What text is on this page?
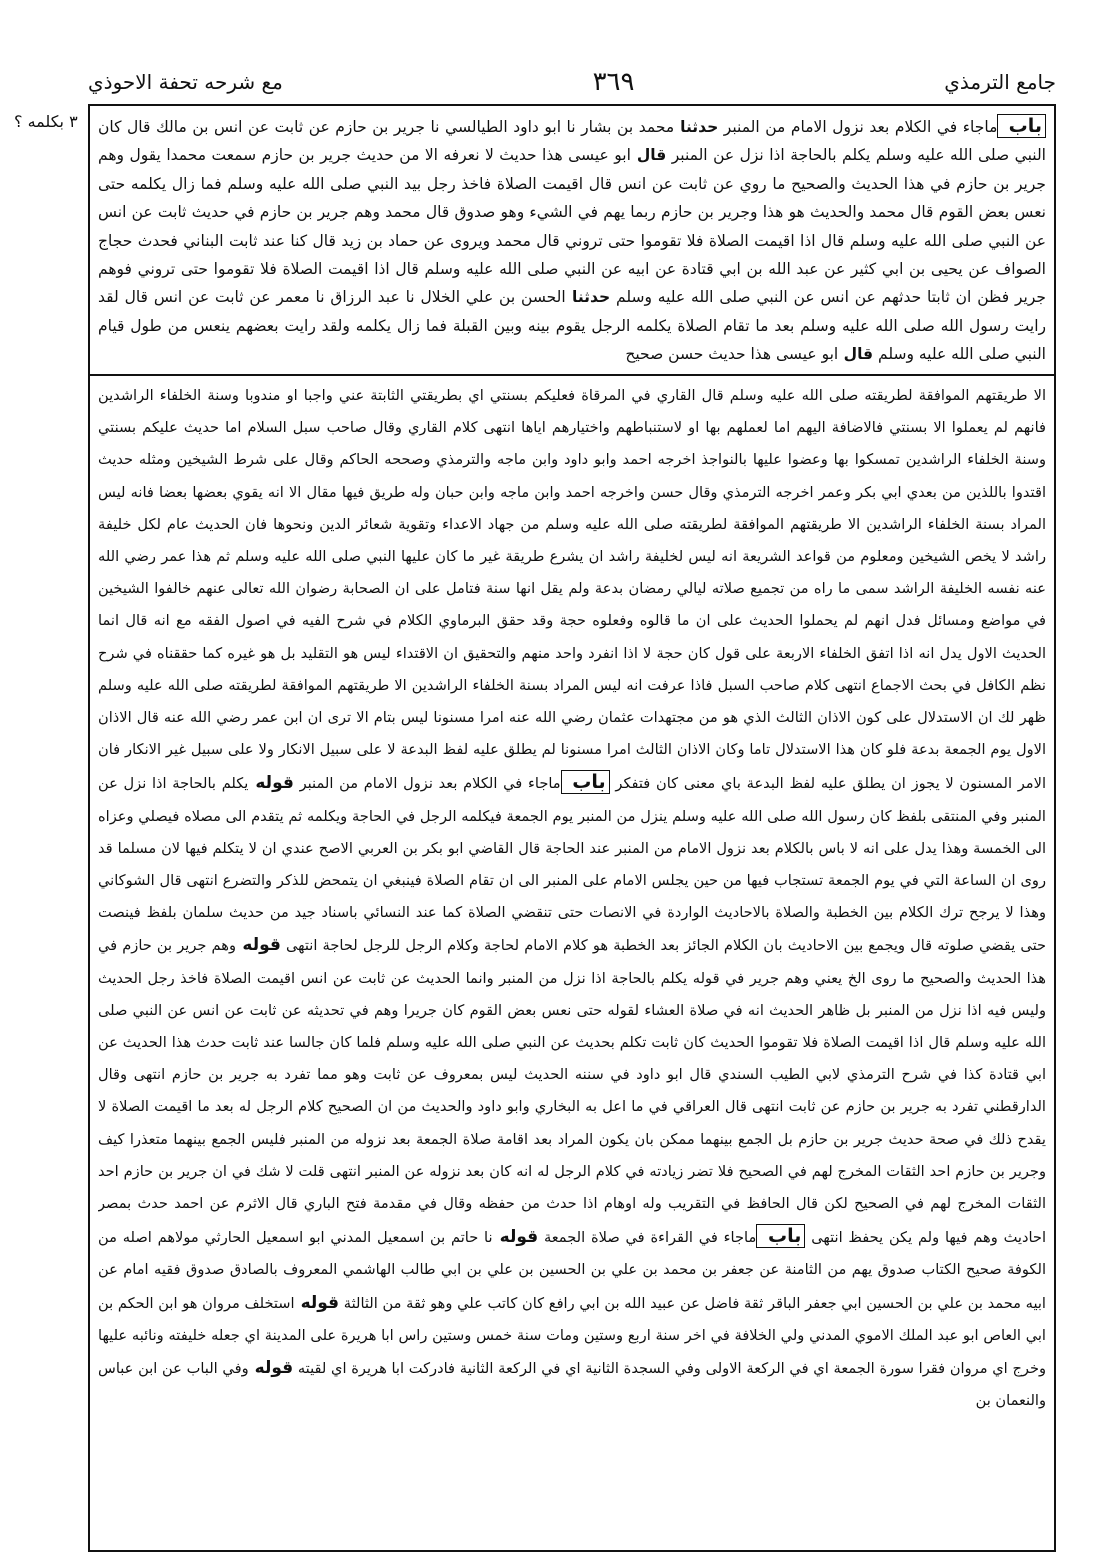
جامع الترمذي
٣٦٩
مع شرحه تحفة الاحوذي
٣ بكلمه ؟	باب ماجاء في الكلام بعد نزول الامام من المنبر حدثنا محمد بن بشار نا ابو داود الطيالسي نا جرير بن حازم عن ثابت عن انس بن مالك قال كان النبي صلى الله عليه وسلم يكلم بالحاجة اذا نزل عن المنبر قال ابو عيسى هذا حديث لا نعرفه الا من حديث جرير بن حازم سمعت محمدا يقول وهم جرير بن حازم في هذا الحديث والصحيح ما روي عن ثابت عن انس قال اقيمت الصلاة فاخذ رجل بيد النبي صلى الله عليه وسلم فما زال يكلمه حتى نعس بعض القوم قال محمد والحديث هو هذا وجرير بن حازم ربما يهم في الشيء وهو صدوق قال محمد وهم جرير بن حازم في حديث ثابت عن انس عن النبي صلى الله عليه وسلم قال اذا اقيمت الصلاة فلا تقوموا حتى تروني قال محمد ويروى عن حماد بن زيد قال كنا عند ثابت البناني فحدث حجاج الصواف عن يحيى بن ابي كثير عن عبد الله بن ابي قتادة عن ابيه عن النبي صلى الله عليه وسلم قال اذا اقيمت الصلاة فلا تقوموا حتى تروني فوهم جرير فظن ان ثابتا حدثهم عن انس عن النبي صلى الله عليه وسلم حدثنا الحسن بن علي الخلال نا عبد الرزاق نا معمر عن ثابت عن انس قال لقد رايت رسول الله صلى الله عليه وسلم بعد ما تقام الصلاة يكلمه الرجل يقوم بينه وبين القبلة فما زال يكلمه ولقد رايت بعضهم ينعس من طول قيام النبي صلى الله عليه وسلم قال ابو عيسى هذا حديث حسن صحيح
الا طريقتهم الموافقة لطريقته صلى الله عليه وسلم قال القاري في المرقاة فعليكم بسنتي اي بطريقتي الثابتة عني واجبا او مندوبا وسنة الخلفاء الراشدين فانهم لم يعملوا الا بسنتي فالاضافة اليهم اما لعملهم بها او لاستنباطهم واختيارهم اياها انتهى كلام القاري وقال صاحب سبل السلام اما حديث عليكم بسنتي وسنة الخلفاء الراشدين تمسكوا بها وعضوا عليها بالنواجذ اخرجه احمد وابو داود وابن ماجه والترمذي وصححه الحاكم وقال على شرط الشيخين ومثله حديث اقتدوا باللذين من بعدي ابي بكر وعمر اخرجه الترمذي وقال حسن واخرجه احمد وابن ماجه وابن حبان وله طريق فيها مقال الا انه يقوي بعضها بعضا فانه ليس المراد بسنة الخلفاء الراشدين الا طريقتهم الموافقة لطريقته صلى الله عليه وسلم من جهاد الاعداء وتقوية شعائر الدين ونحوها فان الحديث عام لكل خليفة راشد لا يخص الشيخين ومعلوم من قواعد الشريعة انه ليس لخليفة راشد ان يشرع طريقة غير ما كان عليها النبي صلى الله عليه وسلم ثم هذا عمر رضي الله عنه نفسه الخليفة الراشد سمى ما راه من تجميع صلاته ليالي رمضان بدعة ولم يقل انها سنة فتامل على ان الصحابة رضوان الله تعالى عنهم خالفوا الشيخين في مواضع ومسائل فدل انهم لم يحملوا الحديث على ان ما قالوه وفعلوه حجة وقد حقق البرماوي الكلام في شرح الفيه في اصول الفقه مع انه قال انما الحديث الاول يدل انه اذا اتفق الخلفاء الاربعة على قول كان حجة لا اذا انفرد واحد منهم والتحقيق ان الاقتداء ليس هو التقليد بل هو غيره كما حققناه في شرح نظم الكافل في بحث الاجماع انتهى كلام صاحب السبل فاذا عرفت انه ليس المراد بسنة الخلفاء الراشدين الا طريقتهم الموافقة لطريقته صلى الله عليه وسلم ظهر لك ان الاستدلال على كون الاذان الثالث الذي هو من مجتهدات عثمان رضي الله عنه امرا مسنونا ليس بتام الا ترى ان ابن عمر رضي الله عنه قال الاذان الاول يوم الجمعة بدعة فلو كان هذا الاستدلال تاما وكان الاذان الثالث امرا مسنونا لم يطلق عليه لفظ البدعة لا على سبيل الانكار ولا على سبيل غير الانكار فان الامر المسنون لا يجوز ان يطلق عليه لفظ البدعة باي معنى كان فتفكر باب ماجاء في الكلام بعد نزول الامام من المنبر قوله يكلم بالحاجة اذا نزل عن المنبر وفي المنتقى بلفظ كان رسول الله صلى الله عليه وسلم ينزل من المنبر يوم الجمعة فيكلمه الرجل في الحاجة ويكلمه ثم يتقدم الى مصلاه فيصلي وعزاه الى الخمسة وهذا يدل على انه لا باس بالكلام بعد نزول الامام من المنبر عند الحاجة قال القاضي ابو بكر بن العربي الاصح عندي ان لا يتكلم فيها لان مسلما قد روى ان الساعة التي في يوم الجمعة تستجاب فيها من حين يجلس الامام على المنبر الى ان تقام الصلاة فينبغي ان يتمحض للذكر والتضرع انتهى قال الشوكاني وهذا لا يرجح ترك الكلام بين الخطبة والصلاة بالاحاديث الواردة في الانصات حتى تنقضي الصلاة كما عند النسائي باسناد جيد من حديث سلمان بلفظ فينصت حتى يقضي صلوته قال ويجمع بين الاحاديث بان الكلام الجائز بعد الخطبة هو كلام الامام لحاجة وكلام الرجل للرجل لحاجة انتهى قوله وهم جرير بن حازم في هذا الحديث والصحيح ما روى الخ يعني وهم جرير في قوله يكلم بالحاجة اذا نزل من المنبر وانما الحديث عن ثابت عن انس اقيمت الصلاة فاخذ رجل الحديث وليس فيه اذا نزل من المنبر بل ظاهر الحديث انه في صلاة العشاء لقوله حتى نعس بعض القوم كان جريرا وهم في تحديثه عن ثابت عن انس عن النبي صلى الله عليه وسلم قال اذا اقيمت الصلاة فلا تقوموا الحديث كان ثابت تكلم بحديث عن النبي صلى الله عليه وسلم فلما كان جالسا عند ثابت حدث هذا الحديث عن ابي قتادة كذا في شرح الترمذي لابي الطيب السندي قال ابو داود في سننه الحديث ليس بمعروف عن ثابت وهو مما تفرد به جرير بن حازم انتهى وقال الدارقطني تفرد به جرير بن حازم عن ثابت انتهى قال العراقي في ما اعل به البخاري وابو داود والحديث من ان الصحيح كلام الرجل له بعد ما اقيمت الصلاة لا يقدح ذلك في صحة حديث جرير بن حازم بل الجمع بينهما ممكن بان يكون المراد بعد اقامة صلاة الجمعة بعد نزوله من المنبر فليس الجمع بينهما متعذرا كيف وجرير بن حازم احد الثقات المخرج لهم في الصحيح فلا تضر زيادته في كلام الرجل له انه كان بعد نزوله عن المنبر انتهى قلت لا شك في ان جرير بن حازم احد الثقات المخرج لهم في الصحيح لكن قال الحافظ في التقريب وله اوهام اذا حدث من حفظه وقال في مقدمة فتح الباري قال الاثرم عن احمد حدث بمصر احاديث وهم فيها ولم يكن يحفظ انتهى باب ماجاء في القراءة في صلاة الجمعة قوله نا حاتم بن اسمعيل المدني ابو اسمعيل الحارثي مولاهم اصله من الكوفة صحيح الكتاب صدوق يهم من الثامنة عن جعفر بن محمد بن علي بن الحسين بن علي بن ابي طالب الهاشمي المعروف بالصادق صدوق فقيه امام عن ابيه محمد بن علي بن الحسين ابي جعفر الباقر ثقة فاضل عن عبيد الله بن ابي رافع كان كاتب علي وهو ثقة من الثالثة قوله استخلف مروان هو ابن الحكم بن ابي العاص ابو عبد الملك الاموي المدني ولي الخلافة في اخر سنة اربع وستين ومات سنة خمس وستين راس ابا هريرة على المدينة اي جعله خليفته ونائبه عليها وخرج اي مروان فقرا سورة الجمعة اي في الركعة الاولى وفي السجدة الثانية اي في الركعة الثانية فادركت ابا هريرة اي لقيته قوله وفي الباب عن ابن عباس والنعمان بن
